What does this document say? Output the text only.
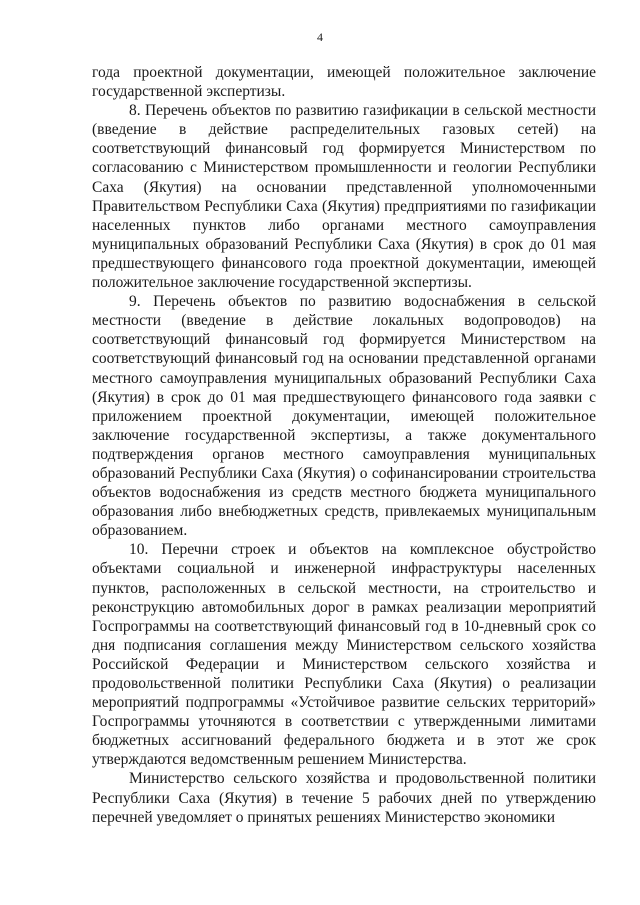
4

года проектной документации, имеющей положительное заключение государственной экспертизы.

8. Перечень объектов по развитию газификации в сельской местности (введение в действие распределительных газовых сетей) на соответствующий финансовый год формируется Министерством по согласованию с Министерством промышленности и геологии Республики Саха (Якутия) на основании представленной уполномоченными Правительством Республики Саха (Якутия) предприятиями по газификации населенных пунктов либо органами местного самоуправления муниципальных образований Республики Саха (Якутия) в срок до 01 мая предшествующего финансового года проектной документации, имеющей положительное заключение государственной экспертизы.

9. Перечень объектов по развитию водоснабжения в сельской местности (введение в действие локальных водопроводов) на соответствующий финансовый год формируется Министерством на соответствующий финансовый год на основании представленной органами местного самоуправления муниципальных образований Республики Саха (Якутия) в срок до 01 мая предшествующего финансового года заявки с приложением проектной документации, имеющей положительное заключение государственной экспертизы, а также документального подтверждения органов местного самоуправления муниципальных образований Республики Саха (Якутия) о софинансировании строительства объектов водоснабжения из средств местного бюджета муниципального образования либо внебюджетных средств, привлекаемых муниципальным образованием.

10. Перечни строек и объектов на комплексное обустройство объектами социальной и инженерной инфраструктуры населенных пунктов, расположенных в сельской местности, на строительство и реконструкцию автомобильных дорог в рамках реализации мероприятий Госпрограммы на соответствующий финансовый год в 10-дневный срок со дня подписания соглашения между Министерством сельского хозяйства Российской Федерации и Министерством сельского хозяйства и продовольственной политики Республики Саха (Якутия) о реализации мероприятий подпрограммы «Устойчивое развитие сельских территорий» Госпрограммы уточняются в соответствии с утвержденными лимитами бюджетных ассигнований федерального бюджета и в этот же срок утверждаются ведомственным решением Министерства.

Министерство сельского хозяйства и продовольственной политики Республики Саха (Якутия) в течение 5 рабочих дней по утверждению перечней уведомляет о принятых решениях Министерство экономики
